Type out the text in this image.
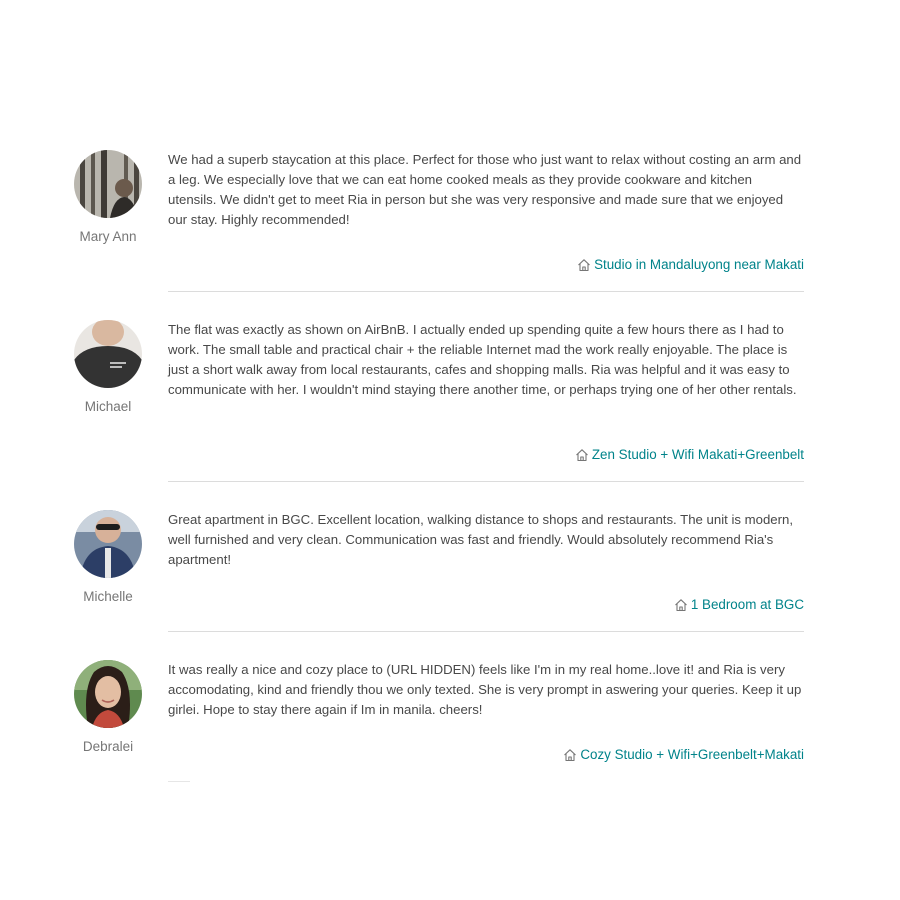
Mary Ann

We had a superb staycation at this place. Perfect for those who just want to relax without costing an arm and a leg. We especially love that we can eat home cooked meals as they provide cookware and kitchen utensils. We didn't get to meet Ria in person but she was very responsive and made sure that we enjoyed our stay. Highly recommended!

Studio in Mandaluyong near Makati
Michael

The flat was exactly as shown on AirBnB. I actually ended up spending quite a few hours there as I had to work. The small table and practical chair + the reliable Internet mad the work really enjoyable. The place is just a short walk away from local restaurants, cafes and shopping malls. Ria was helpful and it was easy to communicate with her. I wouldn't mind staying there another time, or perhaps trying one of her other rentals.

Zen Studio + Wifi Makati+Greenbelt
Michelle

Great apartment in BGC. Excellent location, walking distance to shops and restaurants. The unit is modern, well furnished and very clean. Communication was fast and friendly. Would absolutely recommend Ria's apartment!

1 Bedroom at BGC
Debralei

It was really a nice and cozy place to (URL HIDDEN) feels like I'm in my real home..love it! and Ria is very accomodating, kind and friendly thou we only texted. She is very prompt in aswering your queries. Keep it up girlei. Hope to stay there again if Im in manila. cheers!

Cozy Studio + Wifi+Greenbelt+Makati
